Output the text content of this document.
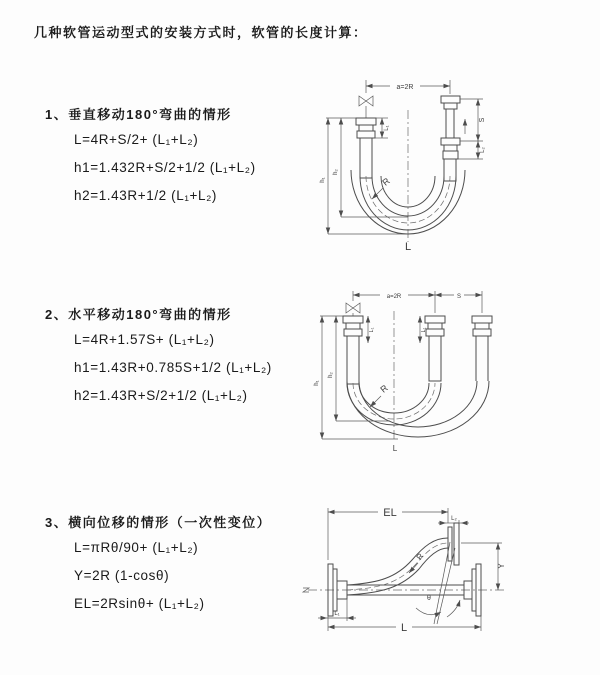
几种软管运动型式的安装方式时，软管的长度计算：
1、垂直移动180°弯曲的情形
L=4R+S/2+ (L₁+L₂)
h1=1.432R+S/2+1/2 (L₁+L₂)
h2=1.43R+1/2 (L₁+L₂)
2、水平移动180°弯曲的情形
L=4R+1.57S+ (L₁+L₂)
h1=1.43R+0.785S+1/2 (L₁+L₂)
h2=1.43R+S/2+1/2 (L₁+L₂)
3、横向位移的情形（一次性变位）
L=πRθ/90+ (L₁+L₂)
Y=2R (1-cosθ)
EL=2Rsinθ+ (L₁+L₂)
a=2R
h₁
h₂
L₁
S
L₂
R
L
a=2R	S
L₁	L₁
h₁
h₂
R
L
EL	L₂
Y
R
θ
L₁
L
